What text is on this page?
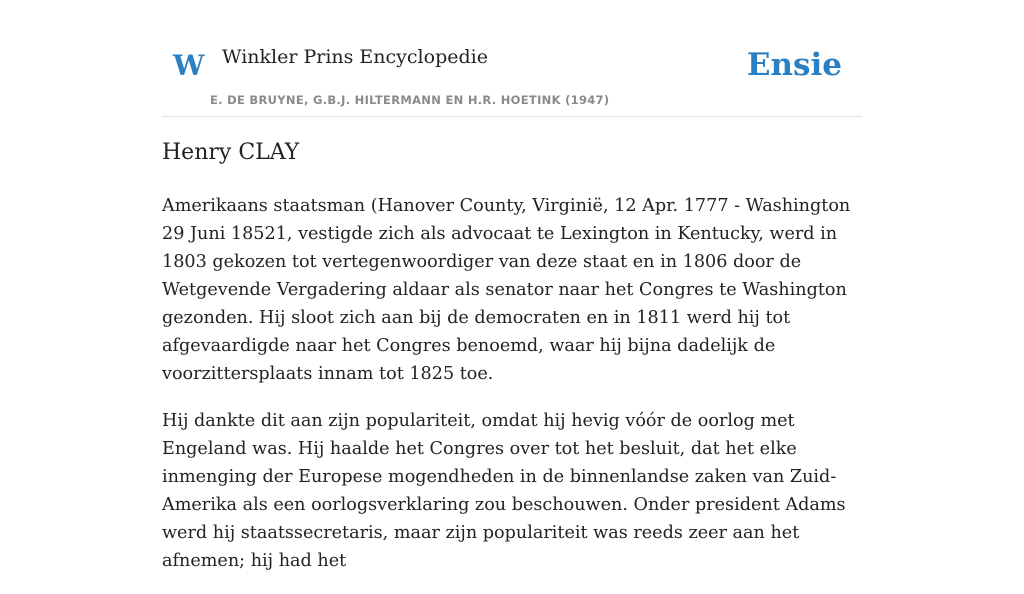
W Winkler Prins Encyclopedie
E. DE BRUYNE, G.B.J. HILTERMANN EN H.R. HOETINK (1947)
Ensie
Henry CLAY

Amerikaans staatsman (Hanover County, Virginië, 12 Apr. 1777 - Washington 29 Juni 18521, vestigde zich als advocaat te Lexington in Kentucky, werd in 1803 gekozen tot vertegenwoordiger van deze staat en in 1806 door de Wetgevende Vergadering aldaar als senator naar het Congres te Washington gezonden. Hij sloot zich aan bij de democraten en in 1811 werd hij tot afgevaardigde naar het Congres benoemd, waar hij bijna dadelijk de voorzittersplaats innam tot 1825 toe.

Hij dankte dit aan zijn populariteit, omdat hij hevig vóór de oorlog met Engeland was. Hij haalde het Congres over tot het besluit, dat het elke inmenging der Europese mogendheden in de binnenlandse zaken van Zuid-Amerika als een oorlogsverklaring zou beschouwen. Onder president Adams werd hij staatssecretaris, maar zijn populariteit was reeds zeer aan het afnemen; hij had het
